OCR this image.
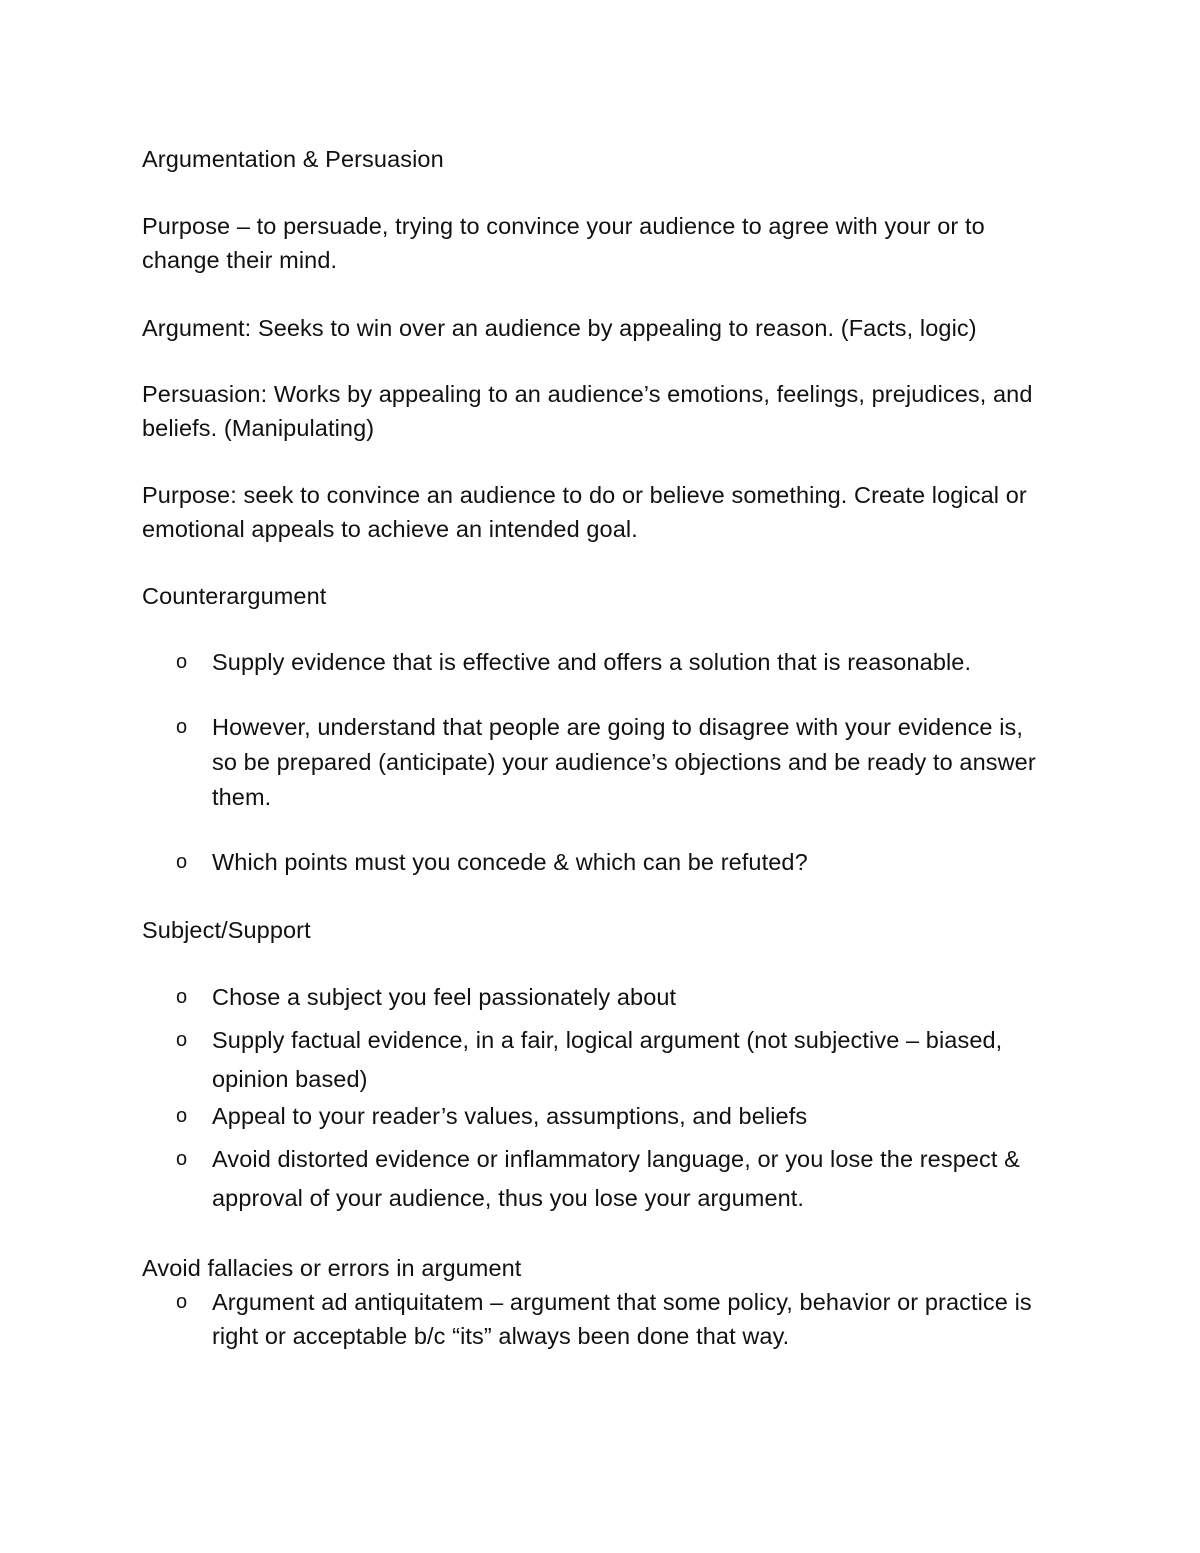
Argumentation & Persuasion
Purpose – to persuade, trying to convince your audience to agree with your or to change their mind.
Argument: Seeks to win over an audience by appealing to reason. (Facts, logic)
Persuasion: Works by appealing to an audience’s emotions, feelings, prejudices, and beliefs. (Manipulating)
Purpose: seek to convince an audience to do or believe something. Create logical or emotional appeals to achieve an intended goal.
Counterargument
o	Supply evidence that is effective and offers a solution that is reasonable.
o	However, understand that people are going to disagree with your evidence is, so be prepared (anticipate) your audience’s objections and be ready to answer them.
o	Which points must you concede & which can be refuted?
Subject/Support
o	Chose a subject you feel passionately about
o	Supply factual evidence, in a fair, logical argument (not subjective – biased, opinion based)
o	Appeal to your reader’s values, assumptions, and beliefs
o	Avoid distorted evidence or inflammatory language, or you lose the respect & approval of your audience, thus you lose your argument.
Avoid fallacies or errors in argument
o	Argument ad antiquitatem – argument that some policy, behavior or practice is right or acceptable b/c “its” always been done that way.
